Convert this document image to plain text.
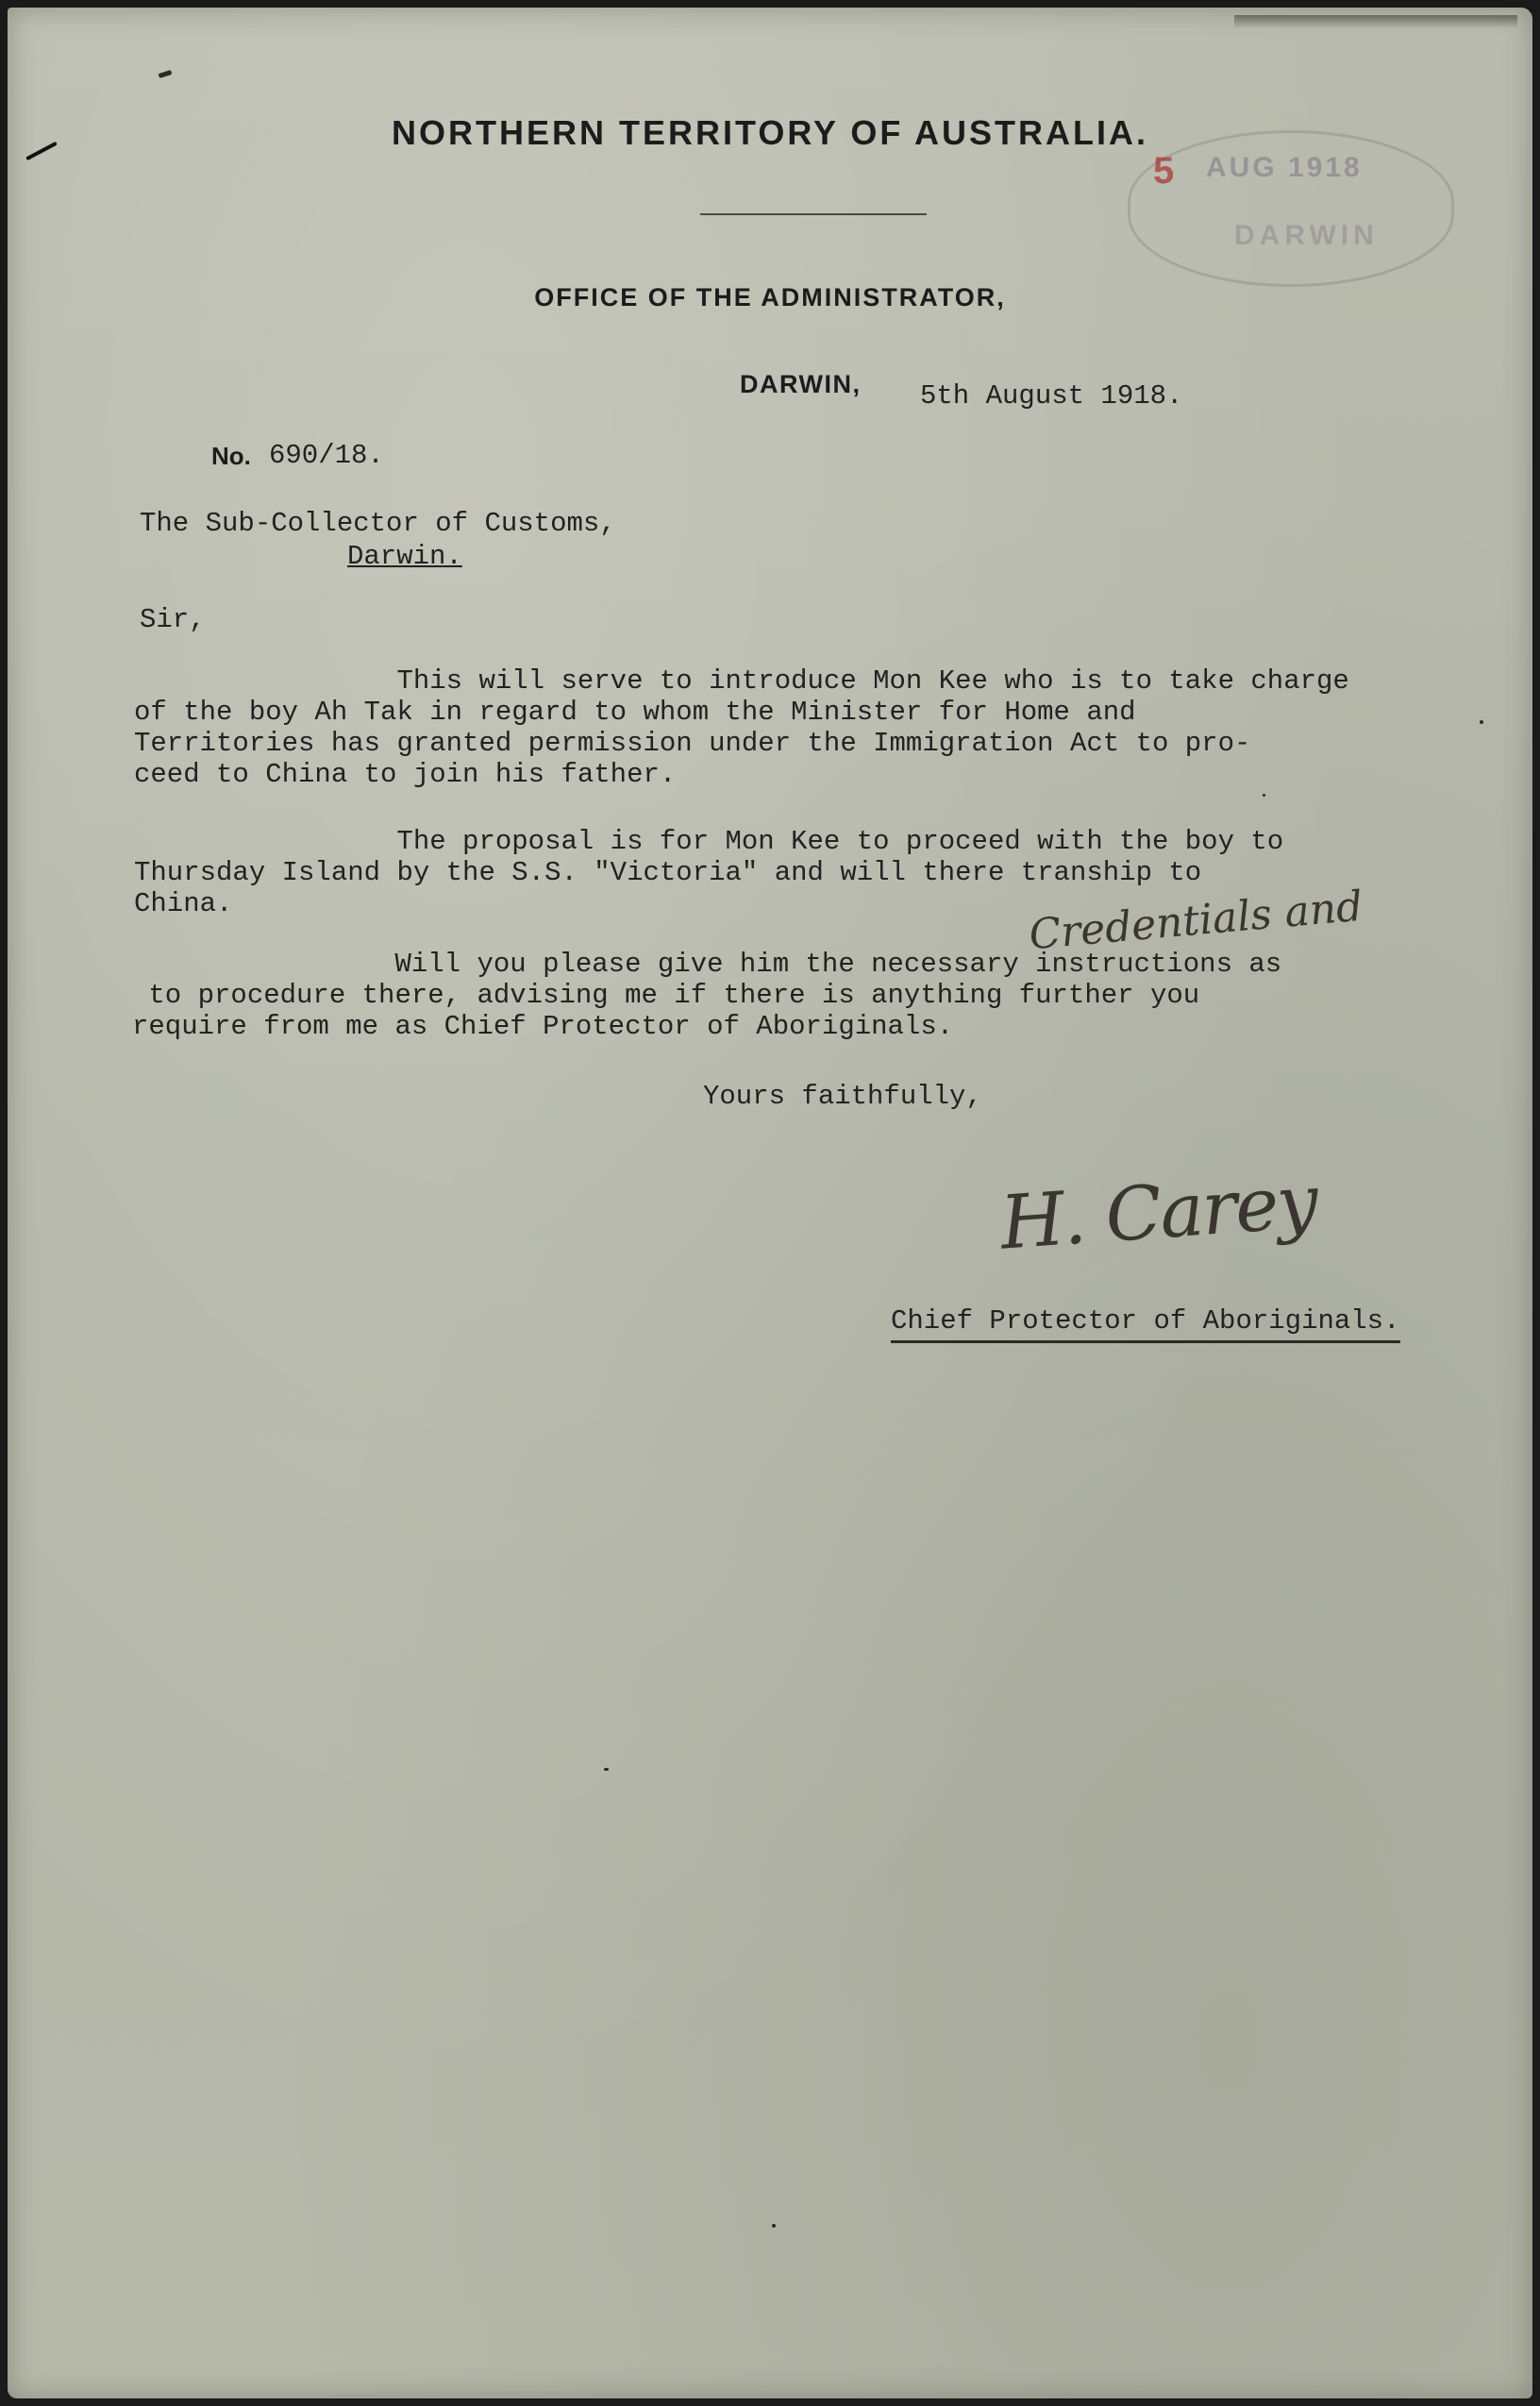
5 AUG 1918
DARWIN
NORTHERN TERRITORY OF AUSTRALIA.
OFFICE OF THE ADMINISTRATOR,
DARWIN, 5th August 1918.
No. 690/18.
The Sub-Collector of Customs,
Darwin.
Sir,
This will serve to introduce Mon Kee who is to take charge
of the boy Ah Tak in regard to whom the Minister for Home and
Territories has granted permission under the Immigration Act to pro-
ceed to China to join his father.
The proposal is for Mon Kee to proceed with the boy to
Thursday Island by the S.S. "Victoria" and will there tranship to
China.	Credentials and
Will you please give him the necessary instructions as
to procedure there, advising me if there is anything further you
require from me as Chief Protector of Aboriginals.
Yours faithfully,
H. Carey
Chief Protector of Aboriginals.
